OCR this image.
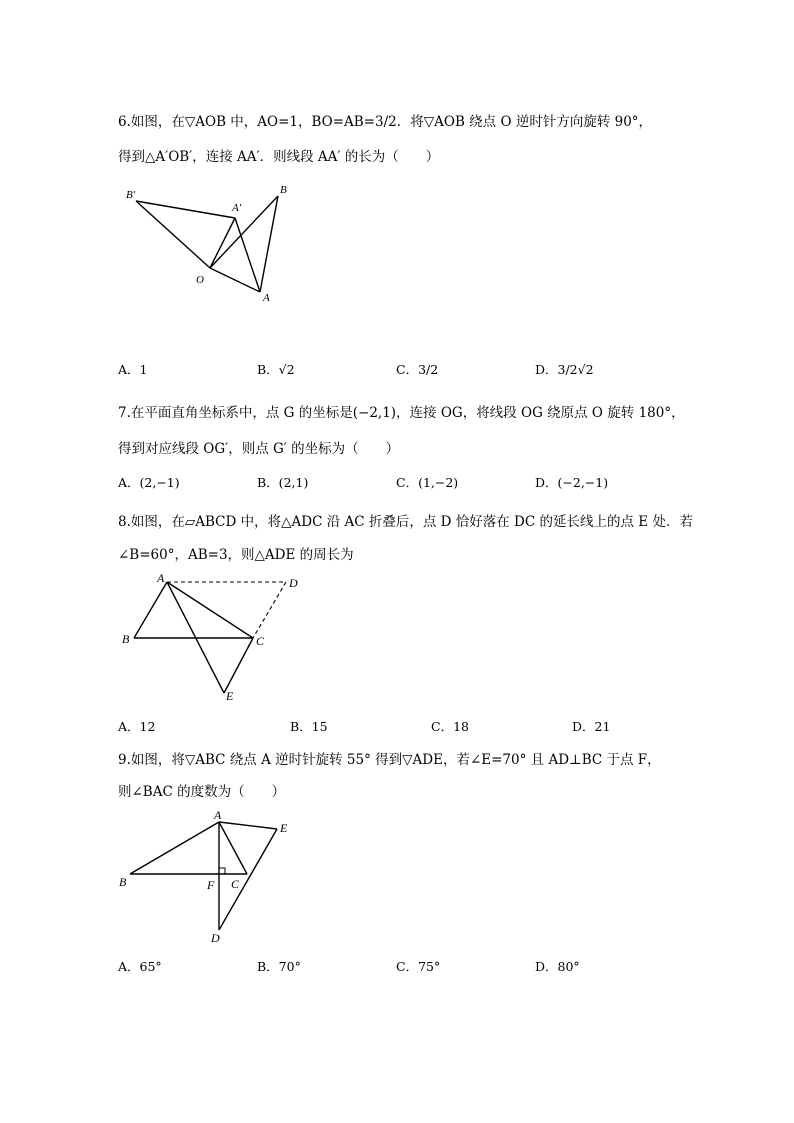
6.如图，在▽AOB 中，AO=1，BO=AB=3/2．将▽AOB 绕点 O 逆时针方向旋转 90°，
得到△A′OB′，连接 AA′．则线段 AA′ 的长为（　　）
B′
A′
B
O
A
A．1	B．√2	C．3/2	D．3/2√2
7.在平面直角坐标系中，点 G 的坐标是(−2,1)，连接 OG，将线段 OG 绕原点 O 旋转 180°，
得到对应线段 OG′，则点 G′ 的坐标为（　　）
A．(2,−1)	B．(2,1)	C．(1,−2)	D．(−2,−1)
8.如图，在▱ABCD 中，将△ADC 沿 AC 折叠后，点 D 恰好落在 DC 的延长线上的点 E 处．若
∠B=60°，AB=3，则△ADE 的周长为
A	D
B	C
E
A．12	B．15	C．18	D．21
9.如图，将▽ABC 绕点 A 逆时针旋转 55° 得到▽ADE，若∠E=70° 且 AD⊥BC 于点 F，
则∠BAC 的度数为（　　）
A
E
B	F C
D
A．65°	B．70°	C．75°	D．80°
